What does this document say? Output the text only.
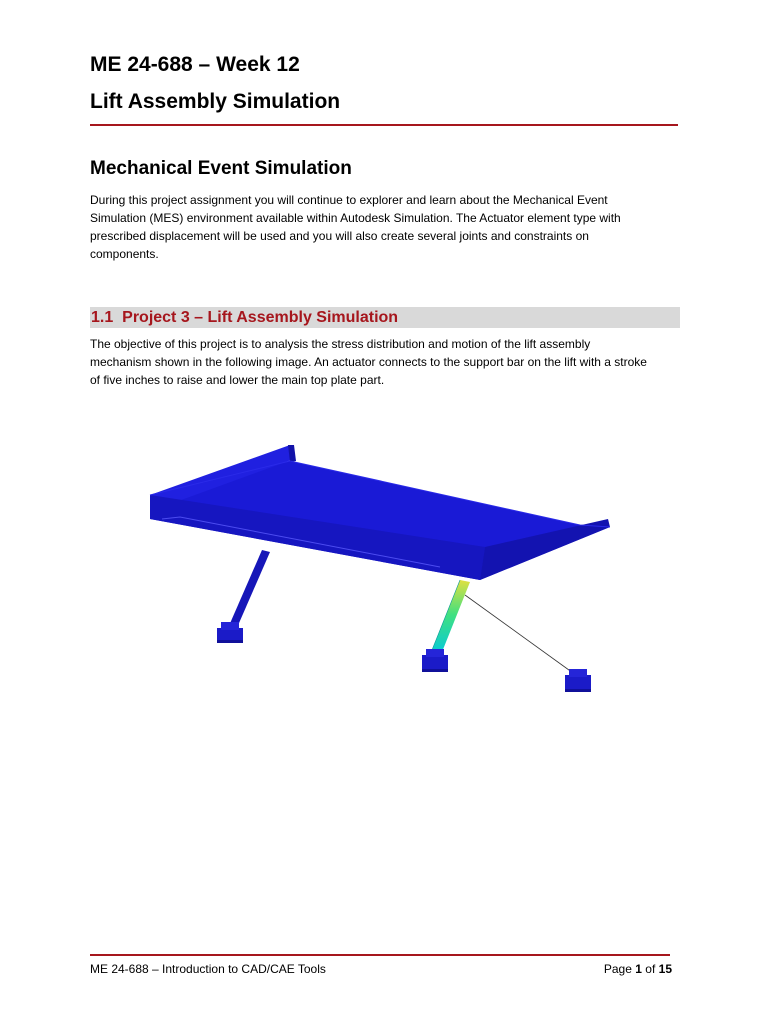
ME 24-688 – Week 12
Lift Assembly Simulation
Mechanical Event Simulation

During this project assignment you will continue to explorer and learn about the Mechanical Event
Simulation (MES) environment available within Autodesk Simulation. The Actuator element type with
prescribed displacement will be used and you will also create several joints and constraints on
components.

1.1 Project 3 – Lift Assembly Simulation

The objective of this project is to analysis the stress distribution and motion of the lift assembly
mechanism shown in the following image. An actuator connects to the support bar on the lift with a stroke
of five inches to raise and lower the main top plate part.

ME 24-688 – Introduction to CAD/CAE Tools	Page 1 of 15
